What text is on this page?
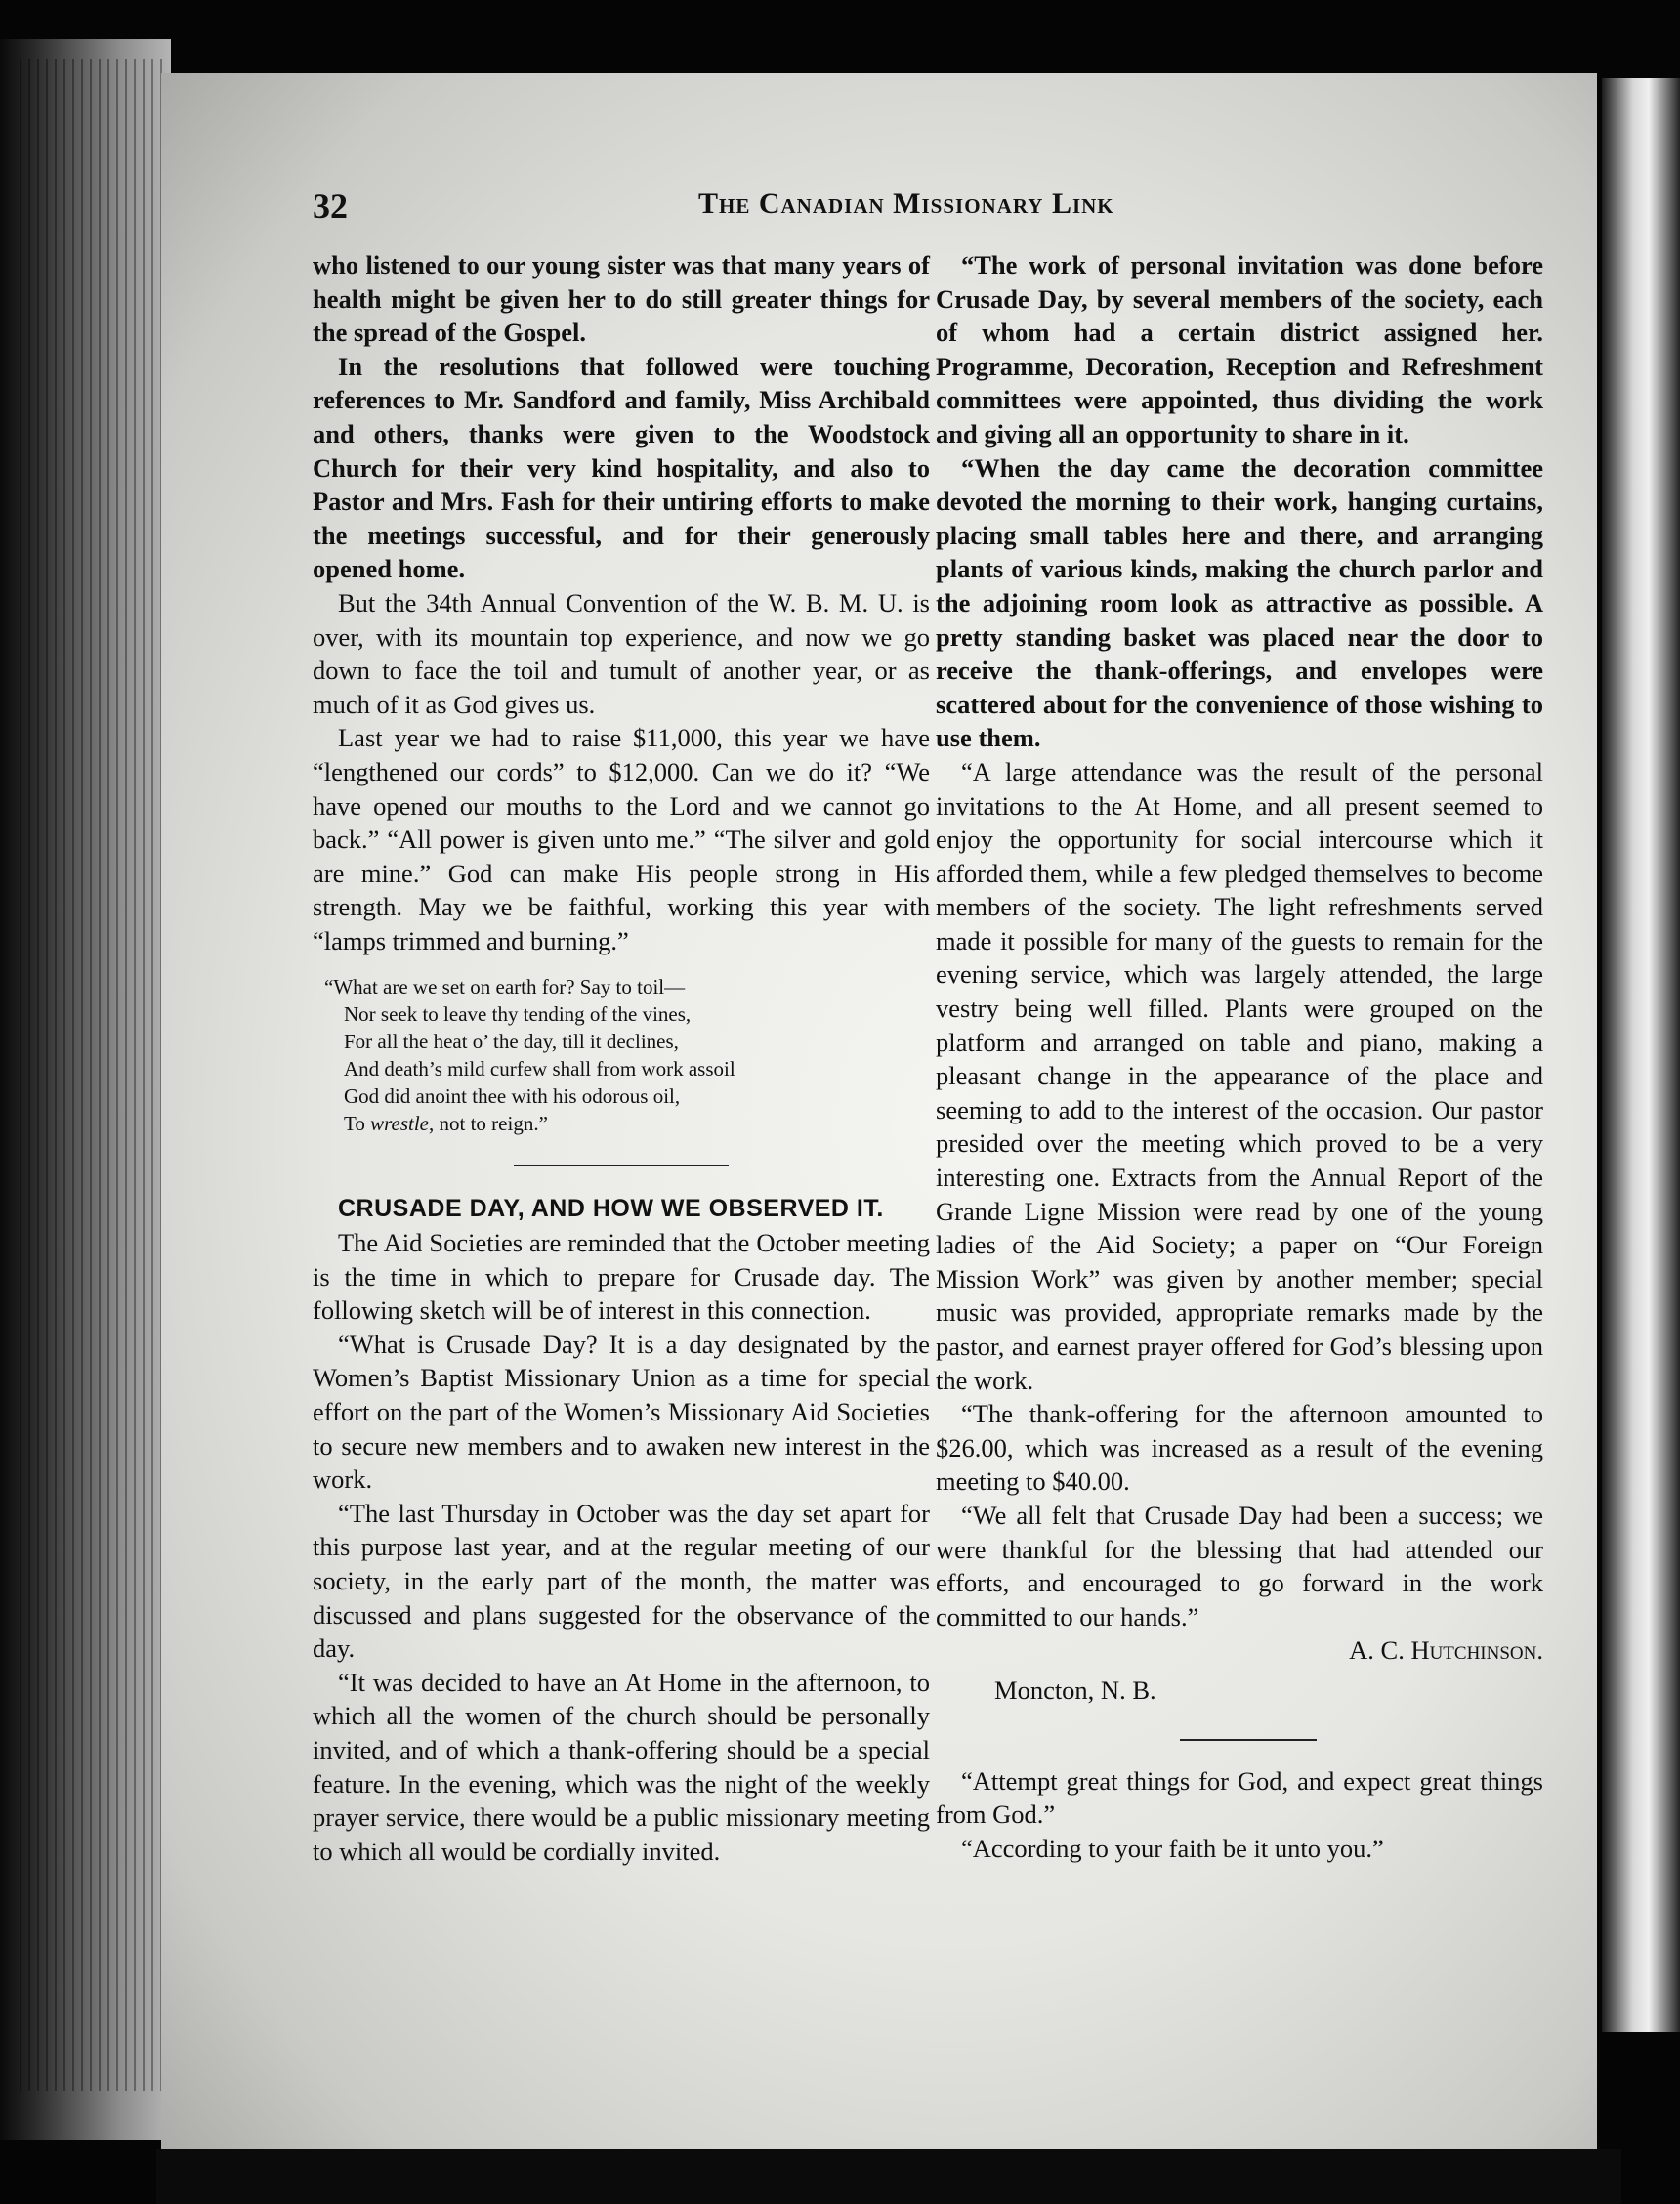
32	The Canadian Missionary Link

who listened to our young sister was that many years of health might be given her to do still greater things for the spread of the Gospel.

In the resolutions that followed were touching references to Mr. Sandford and family, Miss Archibald and others, thanks were given to the Woodstock Church for their very kind hospitality, and also to Pastor and Mrs. Fash for their untiring efforts to make the meetings successful, and for their generously opened home.

But the 34th Annual Convention of the W. B. M. U. is over, with its mountain top experience, and now we go down to face the toil and tumult of another year, or as much of it as God gives us.

Last year we had to raise $11,000, this year we have “lengthened our cords” to $12,000. Can we do it? “We have opened our mouths to the Lord and we cannot go back.” “All power is given unto me.” “The silver and gold are mine.” God can make His people strong in His strength. May we be faithful, working this year with “lamps trimmed and burning.”

“What are we set on earth for? Say to toil—
Nor seek to leave thy tending of the vines,
For all the heat o’ the day, till it declines,
And death’s mild curfew shall from work assoil
God did anoint thee with his odorous oil,
To wrestle, not to reign.”

CRUSADE DAY, AND HOW WE OBSERVED IT.

The Aid Societies are reminded that the October meeting is the time in which to prepare for Crusade day. The following sketch will be of interest in this connection.

“What is Crusade Day? It is a day designated by the Women’s Baptist Missionary Union as a time for special effort on the part of the Women’s Missionary Aid Societies to secure new members and to awaken new interest in the work.

“The last Thursday in October was the day set apart for this purpose last year, and at the regular meeting of our society, in the early part of the month, the matter was discussed and plans suggested for the observance of the day.

“It was decided to have an At Home in the afternoon, to which all the women of the church should be personally invited, and of which a thank-offering should be a special feature. In the evening, which was the night of the weekly prayer service, there would be a public missionary meeting to which all would be cordially invited.

“The work of personal invitation was done before Crusade Day, by several members of the society, each of whom had a certain district assigned her. Programme, Decoration, Reception and Refreshment committees were appointed, thus dividing the work and giving all an opportunity to share in it.

“When the day came the decoration committee devoted the morning to their work, hanging curtains, placing small tables here and there, and arranging plants of various kinds, making the church parlor and the adjoining room look as attractive as possible. A pretty standing basket was placed near the door to receive the thank-offerings, and envelopes were scattered about for the convenience of those wishing to use them.

“A large attendance was the result of the personal invitations to the At Home, and all present seemed to enjoy the opportunity for social intercourse which it afforded them, while a few pledged themselves to become members of the society. The light refreshments served made it possible for many of the guests to remain for the evening service, which was largely attended, the large vestry being well filled. Plants were grouped on the platform and arranged on table and piano, making a pleasant change in the appearance of the place and seeming to add to the interest of the occasion. Our pastor presided over the meeting which proved to be a very interesting one. Extracts from the Annual Report of the Grande Ligne Mission were read by one of the young ladies of the Aid Society; a paper on “Our Foreign Mission Work” was given by another member; special music was provided, appropriate remarks made by the pastor, and earnest prayer offered for God’s blessing upon the work.

“The thank-offering for the afternoon amounted to $26.00, which was increased as a result of the evening meeting to $40.00.

“We all felt that Crusade Day had been a success; we were thankful for the blessing that had attended our efforts, and encouraged to go forward in the work committed to our hands.”

A. C. Hutchinson.

Moncton, N. B.

“Attempt great things for God, and expect great things from God.”

“According to your faith be it unto you.”
